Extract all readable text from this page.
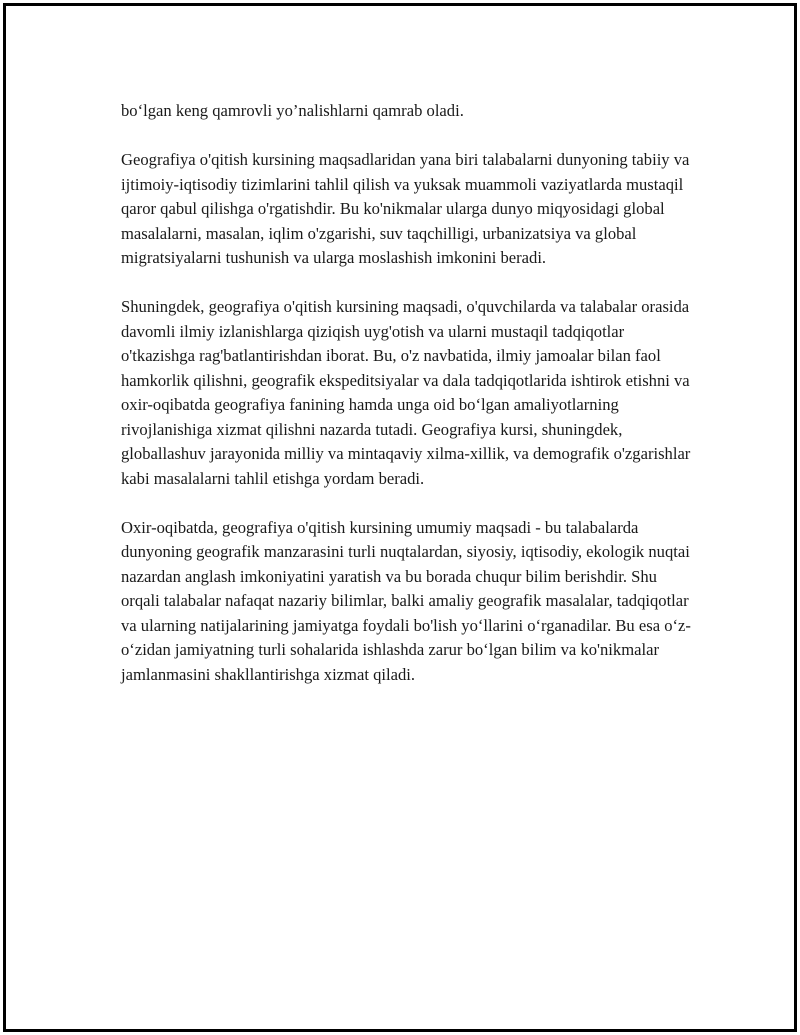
bo‘lgan keng qamrovli yo’nalishlarni qamrab oladi.

Geografiya o'qitish kursining maqsadlaridan yana biri talabalarni dunyoning tabiiy va ijtimoiy-iqtisodiy tizimlarini tahlil qilish va yuksak muammoli vaziyatlarda mustaqil qaror qabul qilishga o'rgatishdir. Bu ko'nikmalar ularga dunyo miqyosidagi global masalalarni, masalan, iqlim o'zgarishi, suv taqchilligi, urbanizatsiya va global migratsiyalarni tushunish va ularga moslashish imkonini beradi.

Shuningdek, geografiya o'qitish kursining maqsadi, o'quvchilarda va talabalar orasida davomli ilmiy izlanishlarga qiziqish uyg'otish va ularni mustaqil tadqiqotlar o'tkazishga rag'batlantirishdan iborat. Bu, o'z navbatida, ilmiy jamoalar bilan faol hamkorlik qilishni, geografik ekspeditsiyalar va dala tadqiqotlarida ishtirok etishni va oxir-oqibatda geografiya fanining hamda unga oid bo‘lgan amaliyotlarning rivojlanishiga xizmat qilishni nazarda tutadi. Geografiya kursi, shuningdek, globallashuv jarayonida milliy va mintaqaviy xilma-xillik, va demografik o'zgarishlar kabi masalalarni tahlil etishga yordam beradi.

Oxir-oqibatda, geografiya o'qitish kursining umumiy maqsadi - bu talabalarda dunyoning geografik manzarasini turli nuqtalardan, siyosiy, iqtisodiy, ekologik nuqtai nazardan anglash imkoniyatini yaratish va bu borada chuqur bilim berishdir. Shu orqali talabalar nafaqat nazariy bilimlar, balki amaliy geografik masalalar, tadqiqotlar va ularning natijalarining jamiyatga foydali bo'lish yo‘llarini o‘rganadilar. Bu esa o‘z-o‘zidan jamiyatning turli sohalarida ishlashda zarur bo‘lgan bilim va ko'nikmalar jamlanmasini shakllantirishga xizmat qiladi.
